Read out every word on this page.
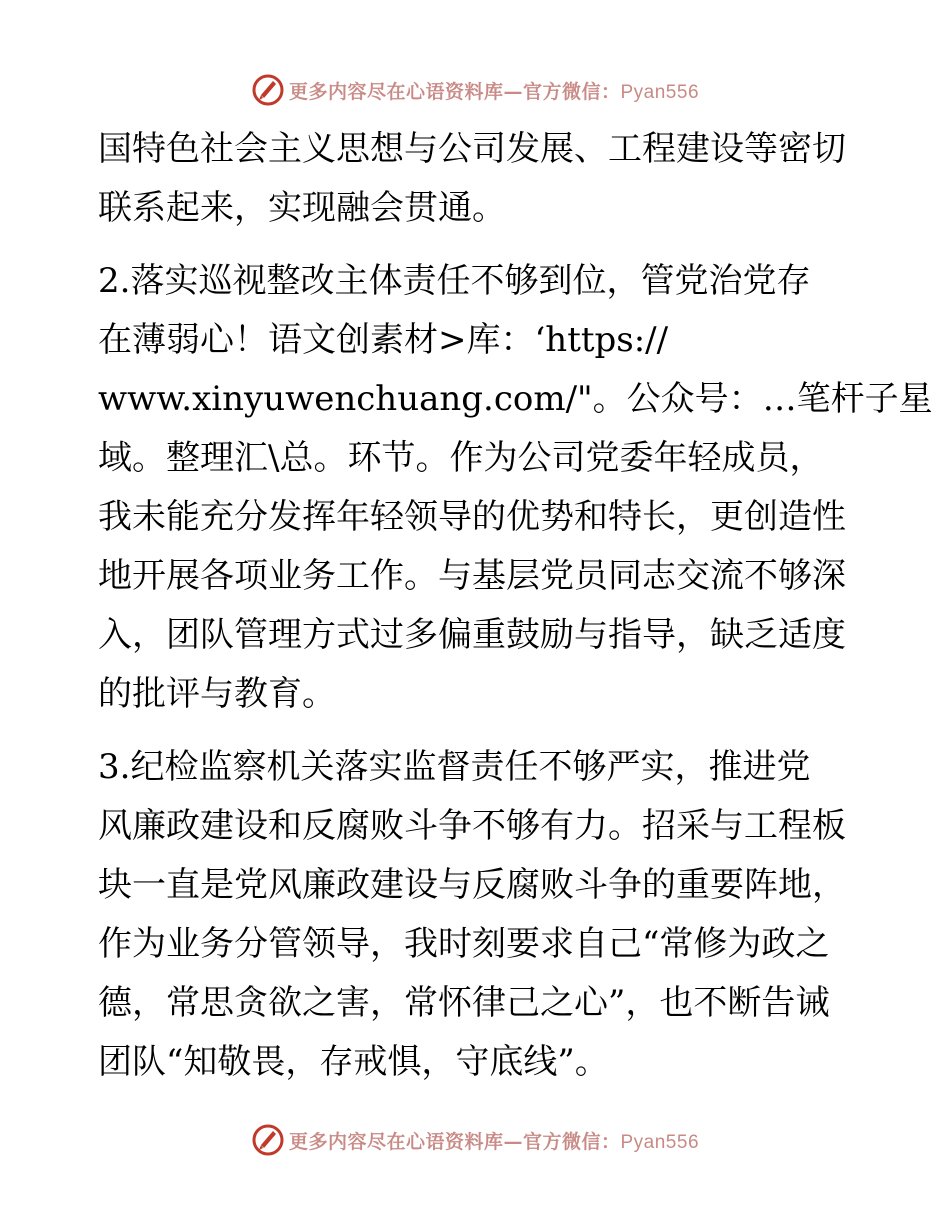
更多内容尽在心语资料库—官方微信：Pyan556

国特色社会主义思想与公司发展、工程建设等密切
联系起来，实现融会贯通。

2.落实巡视整改主体责任不够到位，管党治党存
在薄弱心！语文创素材>库：‘https://
www.xinyuwenchuang.com/"。公众号：…笔杆子星
域。整理汇\总。环节。作为公司党委年轻成员，
我未能充分发挥年轻领导的优势和特长，更创造性
地开展各项业务工作。与基层党员同志交流不够深
入，团队管理方式过多偏重鼓励与指导，缺乏适度
的批评与教育。

3.纪检监察机关落实监督责任不够严实，推进党
风廉政建设和反腐败斗争不够有力。招采与工程板
块一直是党风廉政建设与反腐败斗争的重要阵地，
作为业务分管领导，我时刻要求自己“常修为政之
德，常思贪欲之害，常怀律己之心”，也不断告诫
团队“知敬畏，存戒惧，守底线”。

更多内容尽在心语资料库—官方微信：Pyan556
